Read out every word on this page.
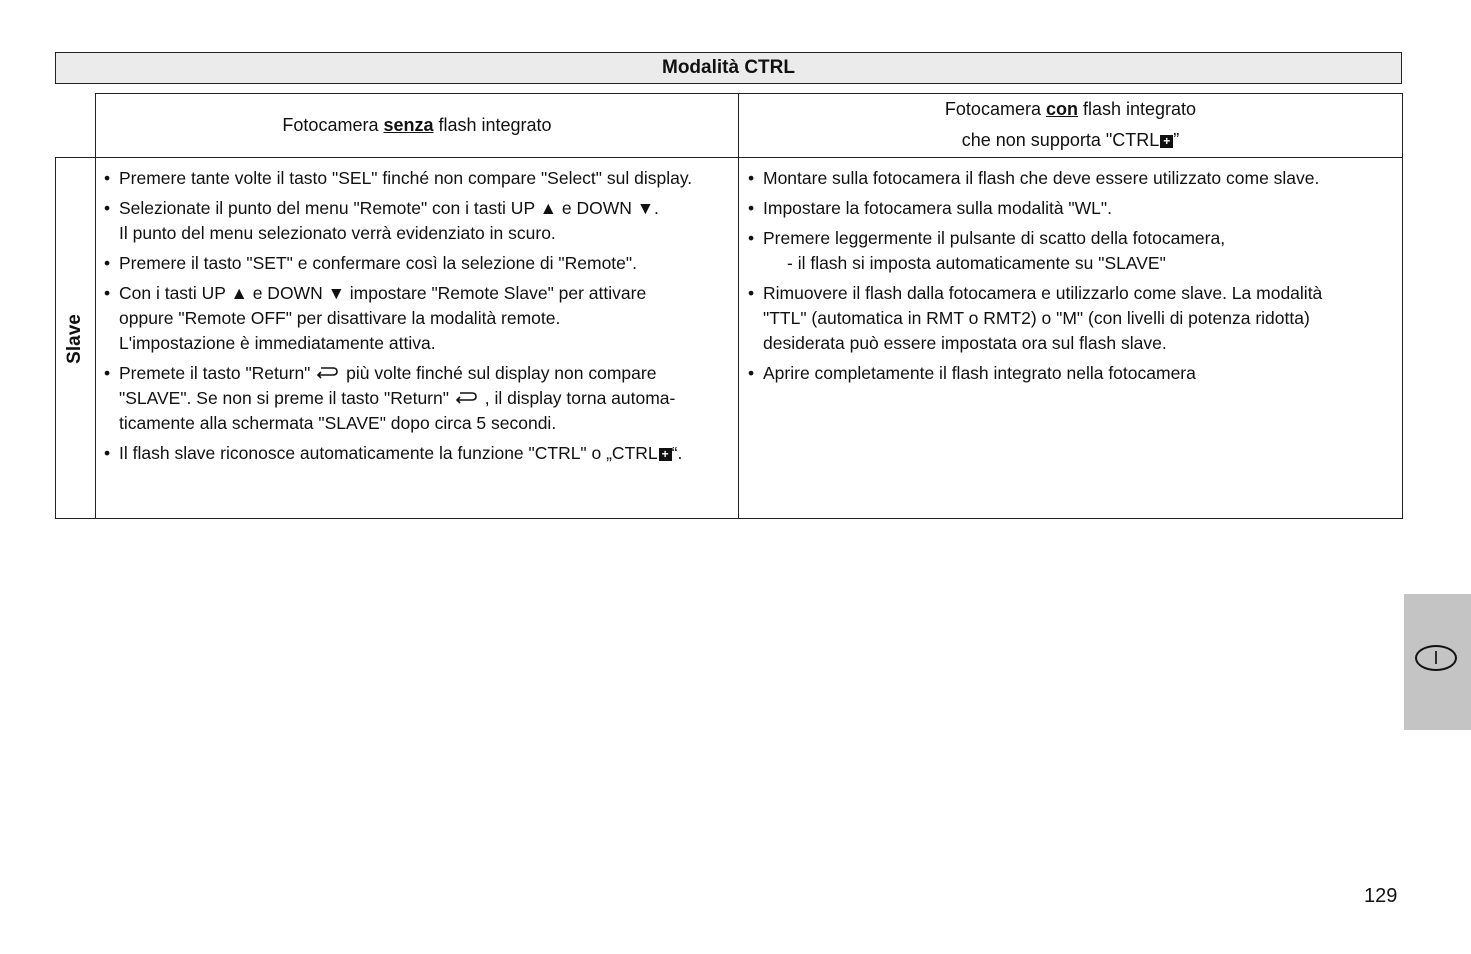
Modalità CTRL
Fotocamera senza flash integrato
Fotocamera con flash integrato
che non supporta "CTRL + ”
Slave
• Premere tante volte il tasto "SEL" finché non compare "Select" sul display.
• Selezionate il punto del menu "Remote" con i tasti UP ▲ e DOWN ▼.
Il punto del menu selezionato verrà evidenziato in scuro.
• Premere il tasto "SET" e confermare così la selezione di "Remote".
• Con i tasti UP ▲ e DOWN ▼ impostare "Remote Slave" per attivare
oppure "Remote OFF" per disattivare la modalità remote.
L'impostazione è immediatamente attiva.
• Premete il tasto "Return" più volte finché sul display non compare
"SLAVE". Se non si preme il tasto "Return" , il display torna automa-
ticamente alla schermata "SLAVE" dopo circa 5 secondi.
• Il flash slave riconosce automaticamente la funzione "CTRL" o „CTRL + “.
• Montare sulla fotocamera il flash che deve essere utilizzato come slave.
• Impostare la fotocamera sulla modalità "WL".
• Premere leggermente il pulsante di scatto della fotocamera,
- il flash si imposta automaticamente su "SLAVE"
• Rimuovere il flash dalla fotocamera e utilizzarlo come slave. La modalità
"TTL" (automatica in RMT o RMT2) o "M" (con livelli di potenza ridotta)
desiderata può essere impostata ora sul flash slave.
• Aprire completamente il flash integrato nella fotocamera
I
129
